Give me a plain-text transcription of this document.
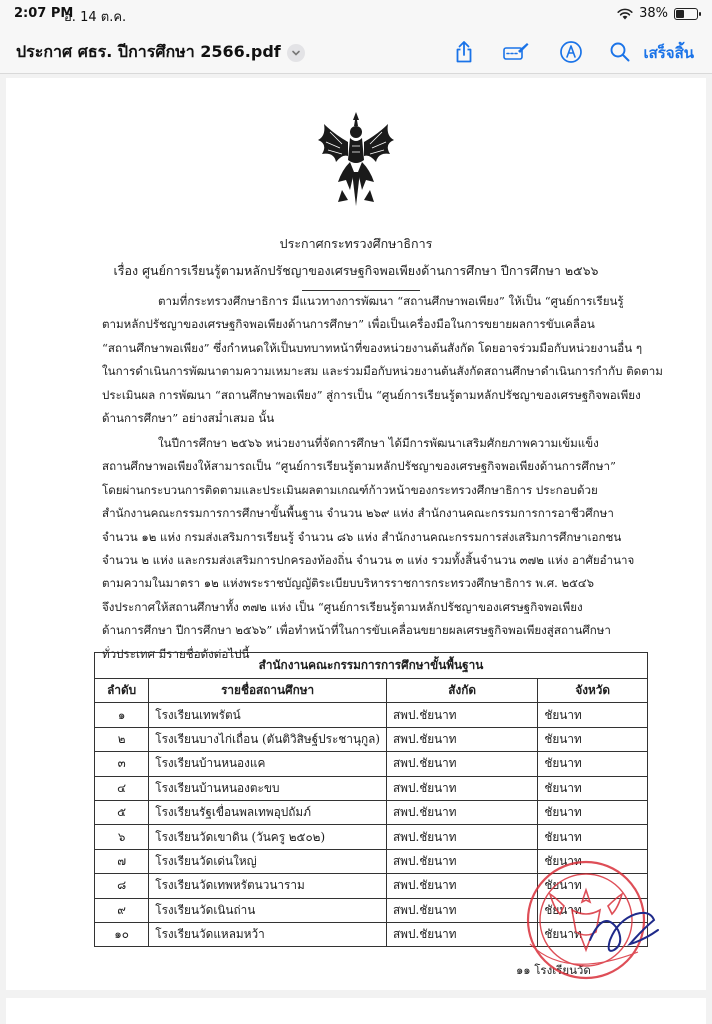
2:07 PM
อ. 14 ต.ค.	38%
ประกาศ ศธร. ปีการศึกษา 2566.pdf	เสร็จสิ้น
ประกาศกระทรวงศึกษาธิการ
เรื่อง ศูนย์การเรียนรู้ตามหลักปรัชญาของเศรษฐกิจพอเพียงด้านการศึกษา ปีการศึกษา ๒๕๖๖
ตามที่กระทรวงศึกษาธิการ มีแนวทางการพัฒนา “สถานศึกษาพอเพียง” ให้เป็น “ศูนย์การเรียนรู้
ตามหลักปรัชญาของเศรษฐกิจพอเพียงด้านการศึกษา” เพื่อเป็นเครื่องมือในการขยายผลการขับเคลื่อน
“สถานศึกษาพอเพียง” ซึ่งกำหนดให้เป็นบทบาทหน้าที่ของหน่วยงานต้นสังกัด โดยอาจร่วมมือกับหน่วยงานอื่น ๆ
ในการดำเนินการพัฒนาตามความเหมาะสม และร่วมมือกับหน่วยงานต้นสังกัดสถานศึกษาดำเนินการกำกับ ติดตาม
ประเมินผล การพัฒนา “สถานศึกษาพอเพียง” สู่การเป็น “ศูนย์การเรียนรู้ตามหลักปรัชญาของเศรษฐกิจพอเพียง
ด้านการศึกษา” อย่างสม่ำเสมอ นั้น
ในปีการศึกษา ๒๕๖๖ หน่วยงานที่จัดการศึกษา ได้มีการพัฒนาเสริมศักยภาพความเข้มแข็ง
สถานศึกษาพอเพียงให้สามารถเป็น “ศูนย์การเรียนรู้ตามหลักปรัชญาของเศรษฐกิจพอเพียงด้านการศึกษา”
โดยผ่านกระบวนการติดตามและประเมินผลตามเกณฑ์ก้าวหน้าของกระทรวงศึกษาธิการ ประกอบด้วย
สำนักงานคณะกรรมการการศึกษาขั้นพื้นฐาน จำนวน ๒๖๙ แห่ง สำนักงานคณะกรรมการการอาชีวศึกษา
จำนวน ๑๒ แห่ง กรมส่งเสริมการเรียนรู้ จำนวน ๘๖ แห่ง สำนักงานคณะกรรมการส่งเสริมการศึกษาเอกชน
จำนวน ๒ แห่ง และกรมส่งเสริมการปกครองท้องถิ่น จำนวน ๓ แห่ง รวมทั้งสิ้นจำนวน ๓๗๒ แห่ง อาศัยอำนาจ
ตามความในมาตรา ๑๒ แห่งพระราชบัญญัติระเบียบบริหารราชการกระทรวงศึกษาธิการ พ.ศ. ๒๕๔๖
จึงประกาศให้สถานศึกษาทั้ง ๓๗๒ แห่ง เป็น “ศูนย์การเรียนรู้ตามหลักปรัชญาของเศรษฐกิจพอเพียง
ด้านการศึกษา ปีการศึกษา ๒๕๖๖” เพื่อทำหน้าที่ในการขับเคลื่อนขยายผลเศรษฐกิจพอเพียงสู่สถานศึกษา
ทั่วประเทศ มีรายชื่อดังต่อไปนี้
สำนักงานคณะกรรมการการศึกษาขั้นพื้นฐาน			
ลำดับ	รายชื่อสถานศึกษา	สังกัด	จังหวัด
๑	โรงเรียนเทพรัตน์	สพป.ชัยนาท	ชัยนาท
๒	โรงเรียนบางไก่เถื่อน (ตันติวิสิษฐ์ประชานุกูล)	สพป.ชัยนาท	ชัยนาท
๓	โรงเรียนบ้านหนองแค	สพป.ชัยนาท	ชัยนาท
๔	โรงเรียนบ้านหนองตะขบ	สพป.ชัยนาท	ชัยนาท
๕	โรงเรียนรัฐเขื่อนพลเทพอุปถัมภ์	สพป.ชัยนาท	ชัยนาท
๖	โรงเรียนวัดเขาดิน (วันครู ๒๕๐๒)	สพป.ชัยนาท	ชัยนาท
๗	โรงเรียนวัดเด่นใหญ่	สพป.ชัยนาท	ชัยนาท
๘	โรงเรียนวัดเทพหรัตนวนาราม	สพป.ชัยนาท	ชัยนาท
๙	โรงเรียนวัดเนินถ่าน	สพป.ชัยนาท	ชัยนาท
๑๐	โรงเรียนวัดแหลมหว้า	สพป.ชัยนาท	ชัยนาท
๑๑ โรงเรียนวัด
